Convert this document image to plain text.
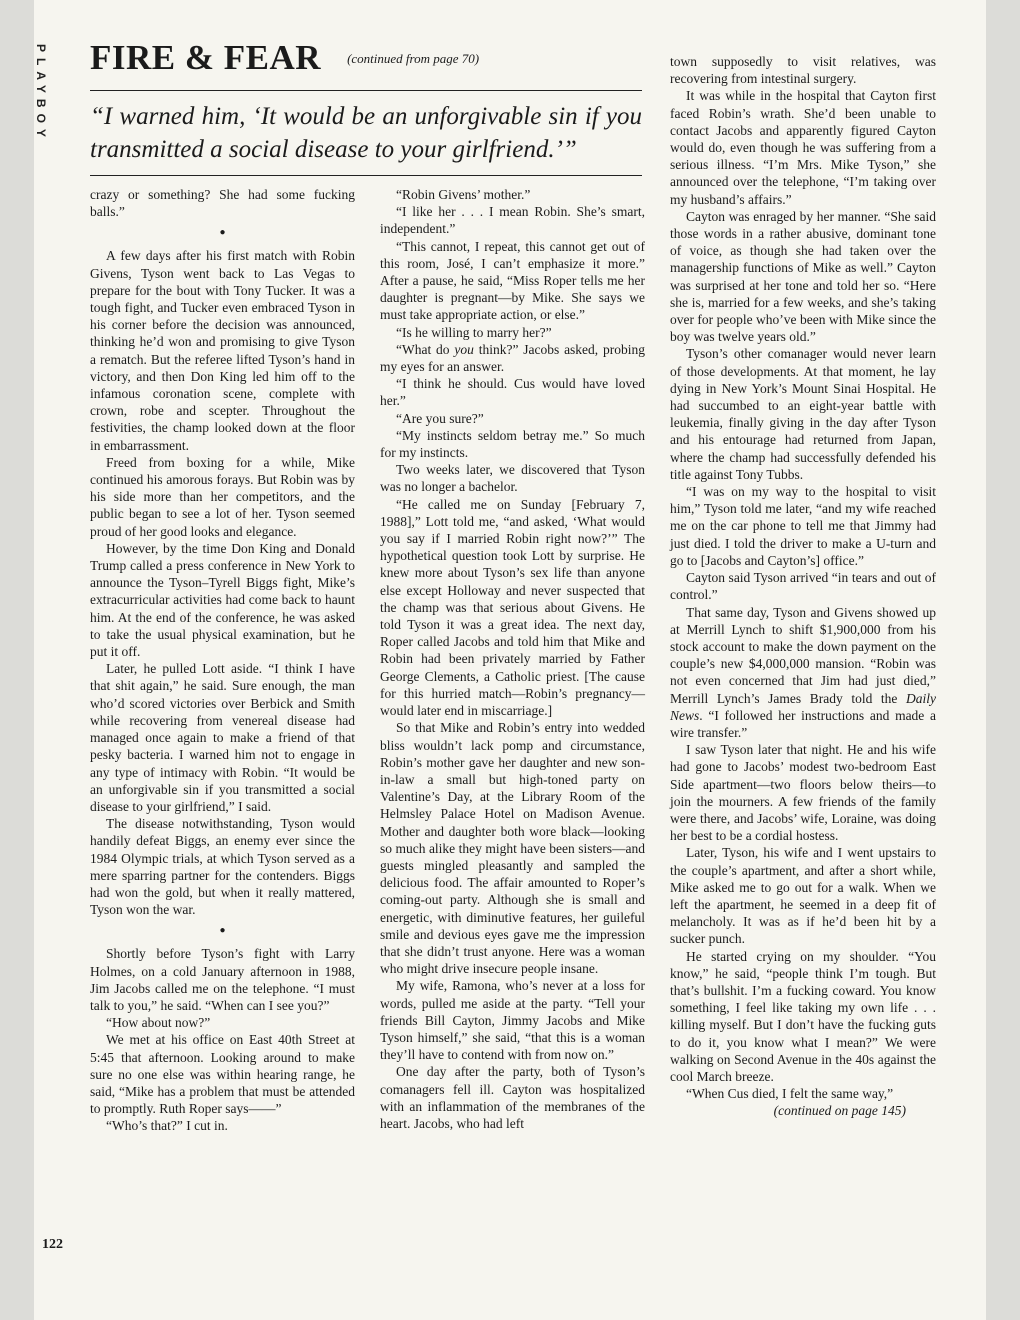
PLAYBOY
122
FIRE & FEAR (continued from page 70)
“I warned him, ‘It would be an unforgivable sin if you transmitted a social disease to your girlfriend.’”

crazy or something? She had some fucking balls.”

●

A few days after his first match with Robin Givens, Tyson went back to Las Vegas to prepare for the bout with Tony Tucker. It was a tough fight, and Tucker even embraced Tyson in his corner before the decision was announced, thinking he’d won and promising to give Tyson a rematch. But the referee lifted Tyson’s hand in victory, and then Don King led him off to the infamous coronation scene, complete with crown, robe and scepter. Throughout the festivities, the champ looked down at the floor in embarrassment.

Freed from boxing for a while, Mike continued his amorous forays. But Robin was by his side more than her competitors, and the public began to see a lot of her. Tyson seemed proud of her good looks and elegance.

However, by the time Don King and Donald Trump called a press conference in New York to announce the Tyson–Tyrell Biggs fight, Mike’s extracurricular activities had come back to haunt him. At the end of the conference, he was asked to take the usual physical examination, but he put it off.

Later, he pulled Lott aside. “I think I have that shit again,” he said. Sure enough, the man who’d scored victories over Berbick and Smith while recovering from venereal disease had managed once again to make a friend of that pesky bacteria. I warned him not to engage in any type of intimacy with Robin. “It would be an unforgivable sin if you transmitted a social disease to your girlfriend,” I said.

The disease notwithstanding, Tyson would handily defeat Biggs, an enemy ever since the 1984 Olympic trials, at which Tyson served as a mere sparring partner for the contenders. Biggs had won the gold, but when it really mattered, Tyson won the war.

●

Shortly before Tyson’s fight with Larry Holmes, on a cold January afternoon in 1988, Jim Jacobs called me on the telephone. “I must talk to you,” he said. “When can I see you?”

“How about now?”

We met at his office on East 40th Street at 5:45 that afternoon. Looking around to make sure no one else was within hearing range, he said, “Mike has a problem that must be attended to promptly. Ruth Roper says——”

“Who’s that?” I cut in.

“Robin Givens’ mother.”

“I like her . . . I mean Robin. She’s smart, independent.”

“This cannot, I repeat, this cannot get out of this room, José, I can’t emphasize it more.” After a pause, he said, “Miss Roper tells me her daughter is pregnant—by Mike. She says we must take appropriate action, or else.”

“Is he willing to marry her?”

“What do you think?” Jacobs asked, probing my eyes for an answer.

“I think he should. Cus would have loved her.”

“Are you sure?”

“My instincts seldom betray me.” So much for my instincts.

Two weeks later, we discovered that Tyson was no longer a bachelor.

“He called me on Sunday [February 7, 1988],” Lott told me, “and asked, ‘What would you say if I married Robin right now?’” The hypothetical question took Lott by surprise. He knew more about Tyson’s sex life than anyone else except Holloway and never suspected that the champ was that serious about Givens. He told Tyson it was a great idea. The next day, Roper called Jacobs and told him that Mike and Robin had been privately married by Father George Clements, a Catholic priest. [The cause for this hurried match—Robin’s pregnancy—would later end in miscarriage.]

So that Mike and Robin’s entry into wedded bliss wouldn’t lack pomp and circumstance, Robin’s mother gave her daughter and new son-in-law a small but high-toned party on Valentine’s Day, at the Library Room of the Helmsley Palace Hotel on Madison Avenue. Mother and daughter both wore black—looking so much alike they might have been sisters—and guests mingled pleasantly and sampled the delicious food. The affair amounted to Roper’s coming-out party. Although she is small and energetic, with diminutive features, her guileful smile and devious eyes gave me the impression that she didn’t trust anyone. Here was a woman who might drive insecure people insane.

My wife, Ramona, who’s never at a loss for words, pulled me aside at the party. “Tell your friends Bill Cayton, Jimmy Jacobs and Mike Tyson himself,” she said, “that this is a woman they’ll have to contend with from now on.”

One day after the party, both of Tyson’s comanagers fell ill. Cayton was hospitalized with an inflammation of the membranes of the heart. Jacobs, who had left

town supposedly to visit relatives, was recovering from intestinal surgery.

It was while in the hospital that Cayton first faced Robin’s wrath. She’d been unable to contact Jacobs and apparently figured Cayton would do, even though he was suffering from a serious illness. “I’m Mrs. Mike Tyson,” she announced over the telephone, “I’m taking over my husband’s affairs.”

Cayton was enraged by her manner. “She said those words in a rather abusive, dominant tone of voice, as though she had taken over the managership functions of Mike as well.” Cayton was surprised at her tone and told her so. “Here she is, married for a few weeks, and she’s taking over for people who’ve been with Mike since the boy was twelve years old.”

Tyson’s other comanager would never learn of those developments. At that moment, he lay dying in New York’s Mount Sinai Hospital. He had succumbed to an eight-year battle with leukemia, finally giving in the day after Tyson and his entourage had returned from Japan, where the champ had successfully defended his title against Tony Tubbs.

“I was on my way to the hospital to visit him,” Tyson told me later, “and my wife reached me on the car phone to tell me that Jimmy had just died. I told the driver to make a U-turn and go to [Jacobs and Cayton’s] office.”

Cayton said Tyson arrived “in tears and out of control.”

That same day, Tyson and Givens showed up at Merrill Lynch to shift $1,900,000 from his stock account to make the down payment on the couple’s new $4,000,000 mansion. “Robin was not even concerned that Jim had just died,” Merrill Lynch’s James Brady told the Daily News. “I followed her instructions and made a wire transfer.”

I saw Tyson later that night. He and his wife had gone to Jacobs’ modest two-bedroom East Side apartment—two floors below theirs—to join the mourners. A few friends of the family were there, and Jacobs’ wife, Loraine, was doing her best to be a cordial hostess.

Later, Tyson, his wife and I went upstairs to the couple’s apartment, and after a short while, Mike asked me to go out for a walk. When we left the apartment, he seemed in a deep fit of melancholy. It was as if he’d been hit by a sucker punch.

He started crying on my shoulder. “You know,” he said, “people think I’m tough. But that’s bullshit. I’m a fucking coward. You know something, I feel like taking my own life . . . killing myself. But I don’t have the fucking guts to do it, you know what I mean?” We were walking on Second Avenue in the 40s against the cool March breeze.

“When Cus died, I felt the same way,”

(continued on page 145)
